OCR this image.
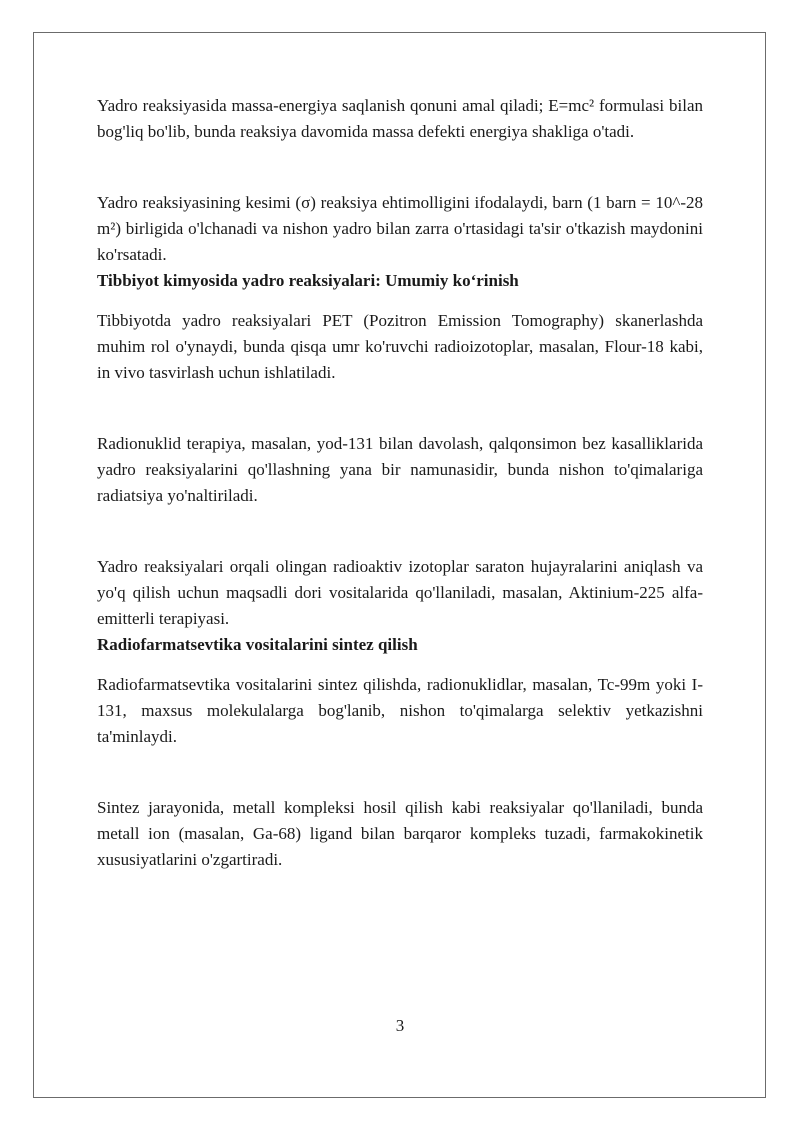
Yadro reaksiyasida massa-energiya saqlanish qonuni amal qiladi; E=mc² formulasi bilan bog'liq bo'lib, bunda reaksiya davomida massa defekti energiya shakliga o'tadi.

Yadro reaksiyasining kesimi (σ) reaksiya ehtimolligini ifodalaydi, barn (1 barn = 10^-28 m²) birligida o'lchanadi va nishon yadro bilan zarra o'rtasidagi ta'sir o'tkazish maydonini ko'rsatadi.

Tibbiyot kimyosida yadro reaksiyalari: Umumiy koʻrinish

Tibbiyotda yadro reaksiyalari PET (Pozitron Emission Tomography) skanerlashda muhim rol o'ynaydi, bunda qisqa umr ko'ruvchi radioizotoplar, masalan, Flour-18 kabi, in vivo tasvirlash uchun ishlatiladi.

Radionuklid terapiya, masalan, yod-131 bilan davolash, qalqonsimon bez kasalliklarida yadro reaksiyalarini qo'llashning yana bir namunasidir, bunda nishon to'qimalariga radiatsiya yo'naltiriladi.

Yadro reaksiyalari orqali olingan radioaktiv izotoplar saraton hujayralarini aniqlash va yo'q qilish uchun maqsadli dori vositalarida qo'llaniladi, masalan, Aktinium-225 alfa-emitterli terapiyasi.

Radiofarmatsevtika vositalarini sintez qilish

Radiofarmatsevtika vositalarini sintez qilishda, radionuklidlar, masalan, Tc-99m yoki I-131, maxsus molekulalarga bog'lanib, nishon to'qimalarga selektiv yetkazishni ta'minlaydi.

Sintez jarayonida, metall kompleksi hosil qilish kabi reaksiyalar qo'llaniladi, bunda metall ion (masalan, Ga-68) ligand bilan barqaror kompleks tuzadi, farmakokinetik xususiyatlarini o'zgartiradi.

3
